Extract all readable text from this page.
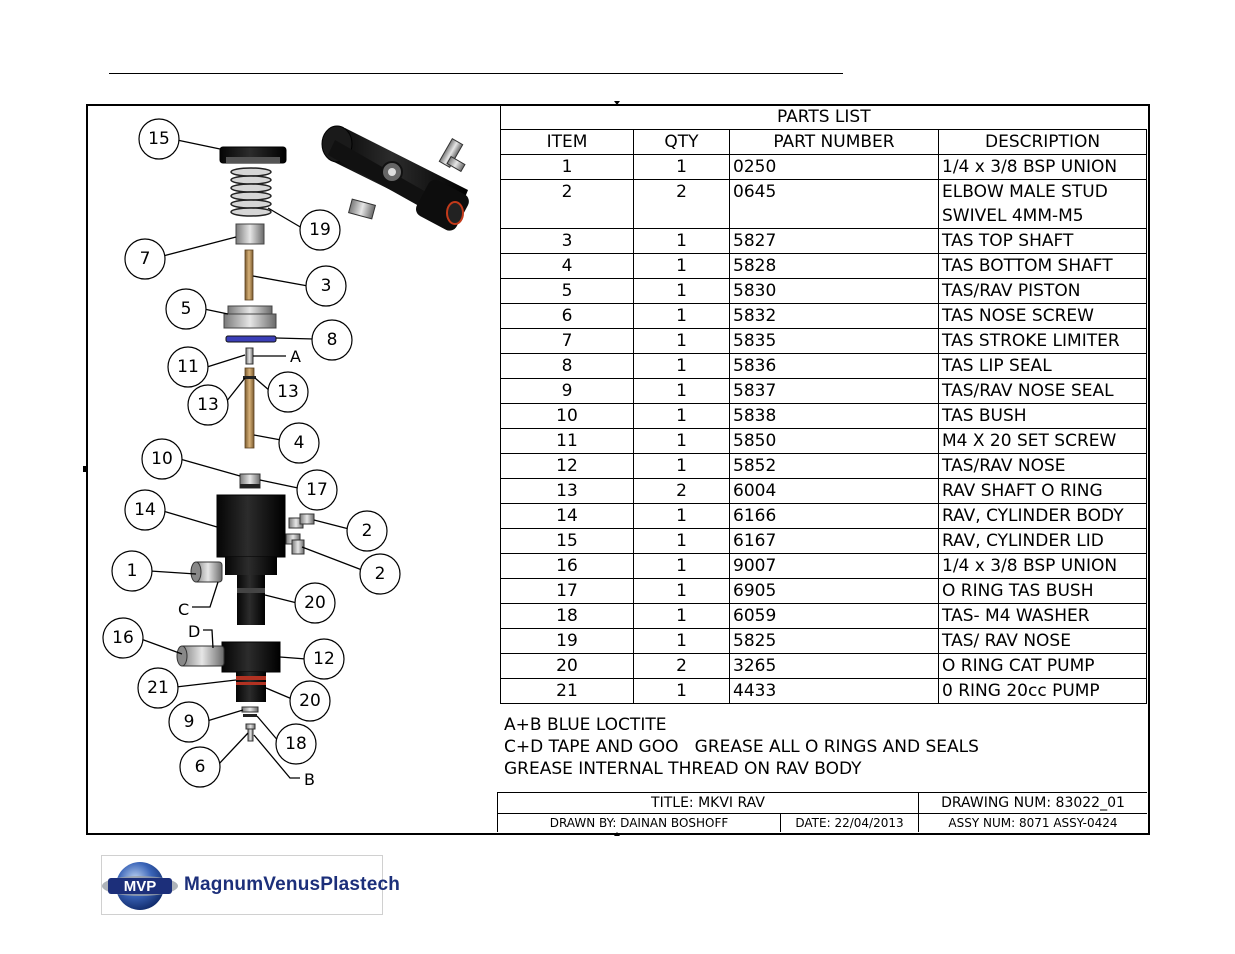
15
19
7
3
5
8
11
13
13
4
10
17
14
2
2
1
20
16
12
21
20
9
18
6
A
C
D
B
PARTS LIST			
ITEM	QTY	PART NUMBER	DESCRIPTION
1	1	0250	1/4 x 3/8 BSP UNION
2	2	0645	ELBOW MALE STUD
SWIVEL 4MM-M5

3	1	5827	TAS TOP SHAFT
4	1	5828	TAS BOTTOM SHAFT
5	1	5830	TAS/RAV PISTON
6	1	5832	TAS NOSE SCREW
7	1	5835	TAS STROKE LIMITER
8	1	5836	TAS LIP SEAL
9	1	5837	TAS/RAV NOSE SEAL
10	1	5838	TAS BUSH
11	1	5850	M4 X 20 SET SCREW
12	1	5852	TAS/RAV NOSE
13	2	6004	RAV SHAFT O RING
14	1	6166	RAV, CYLINDER BODY
15	1	6167	RAV, CYLINDER LID
16	1	9007	1/4 x 3/8 BSP UNION
17	1	6905	O RING TAS BUSH
18	1	6059	TAS- M4 WASHER
19	1	5825	TAS/ RAV NOSE
20	2	3265	O RING CAT PUMP
21	1	4433	0 RING 20cc PUMP
A+B BLUE LOCTITE
C+D TAPE AND GOO   GREASE ALL O RINGS AND SEALS
GREASE INTERNAL THREAD ON RAV BODY
TITLE: MKVI RAV	DRAWING NUM: 83022_01
DRAWN BY: DAINAN BOSHOFF	DATE: 22/04/2013	ASSY NUM: 8071 ASSY-0424
MVP MagnumVenusPlastech
